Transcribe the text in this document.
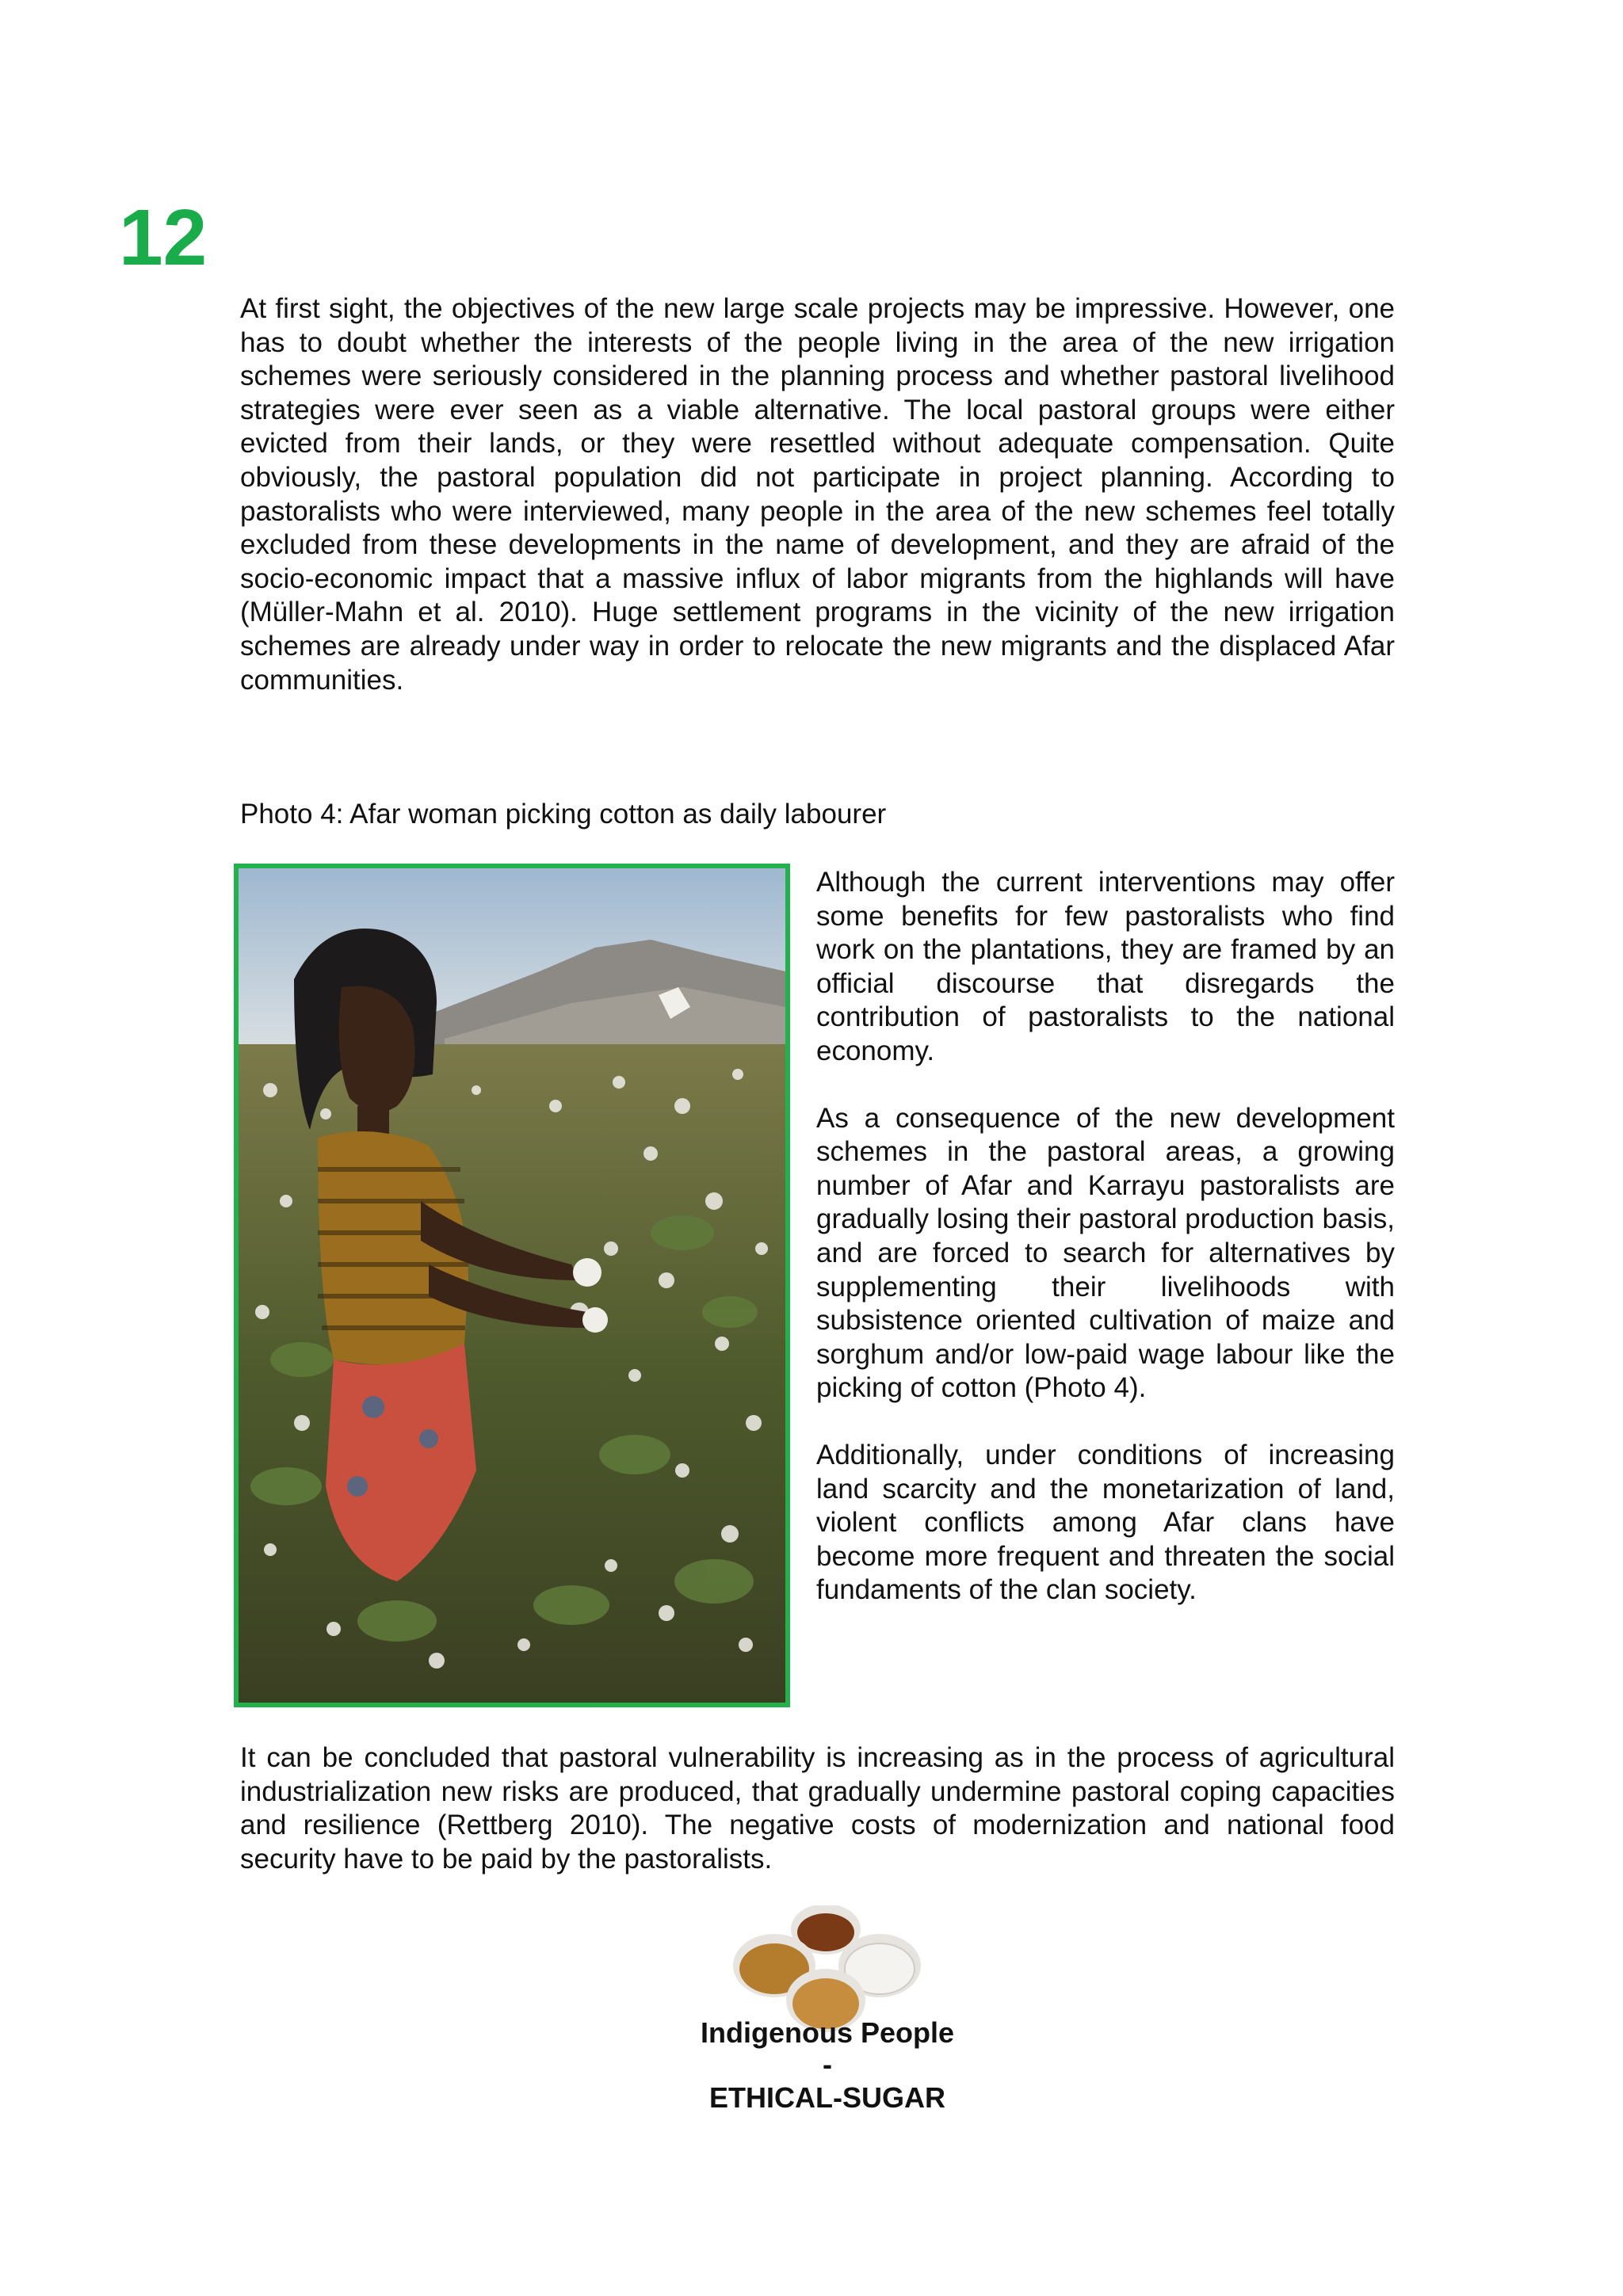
12

At first sight, the objectives of the new large scale projects may be impressive. However, one has to doubt whether the interests of the people living in the area of the new irrigation schemes were seriously considered in the planning process and whether pastoral livelihood strategies were ever seen as a viable alternative. The local pastoral groups were either evicted from their lands, or they were resettled without adequate compensation. Quite obviously, the pastoral population did not participate in project planning. According to pastoralists who were interviewed, many people in the area of the new schemes feel totally excluded from these developments in the name of development, and they are afraid of the socio-economic impact that a massive influx of labor migrants from the highlands will have (Müller-Mahn et al. 2010). Huge settlement programs in the vicinity of the new irrigation schemes are already under way in order to relocate the new migrants and the displaced Afar communities.

Photo 4: Afar woman picking cotton as daily labourer

Although the current interventions may offer some benefits for few pastoralists who find work on the plantations, they are framed by an official discourse that disregards the contribution of pastoralists to the national economy.

As a consequence of the new development schemes in the pastoral areas, a growing number of Afar and Karrayu pastoralists are gradually losing their pastoral production basis, and are forced to search for alternatives by supplementing their livelihoods with subsistence oriented cultivation of maize and sorghum and/or low-paid wage labour like the picking of cotton (Photo 4).

Additionally, under conditions of increasing land scarcity and the monetarization of land, violent conflicts among Afar clans have become more frequent and threaten the social fundaments of the clan society.

It can be concluded that pastoral vulnerability is increasing as in the process of agricultural industrialization new risks are produced, that gradually undermine pastoral coping capacities and resilience (Rettberg 2010). The negative costs of modernization and national food security have to be paid by the pastoralists.

Indigenous People
-
ETHICAL-SUGAR
